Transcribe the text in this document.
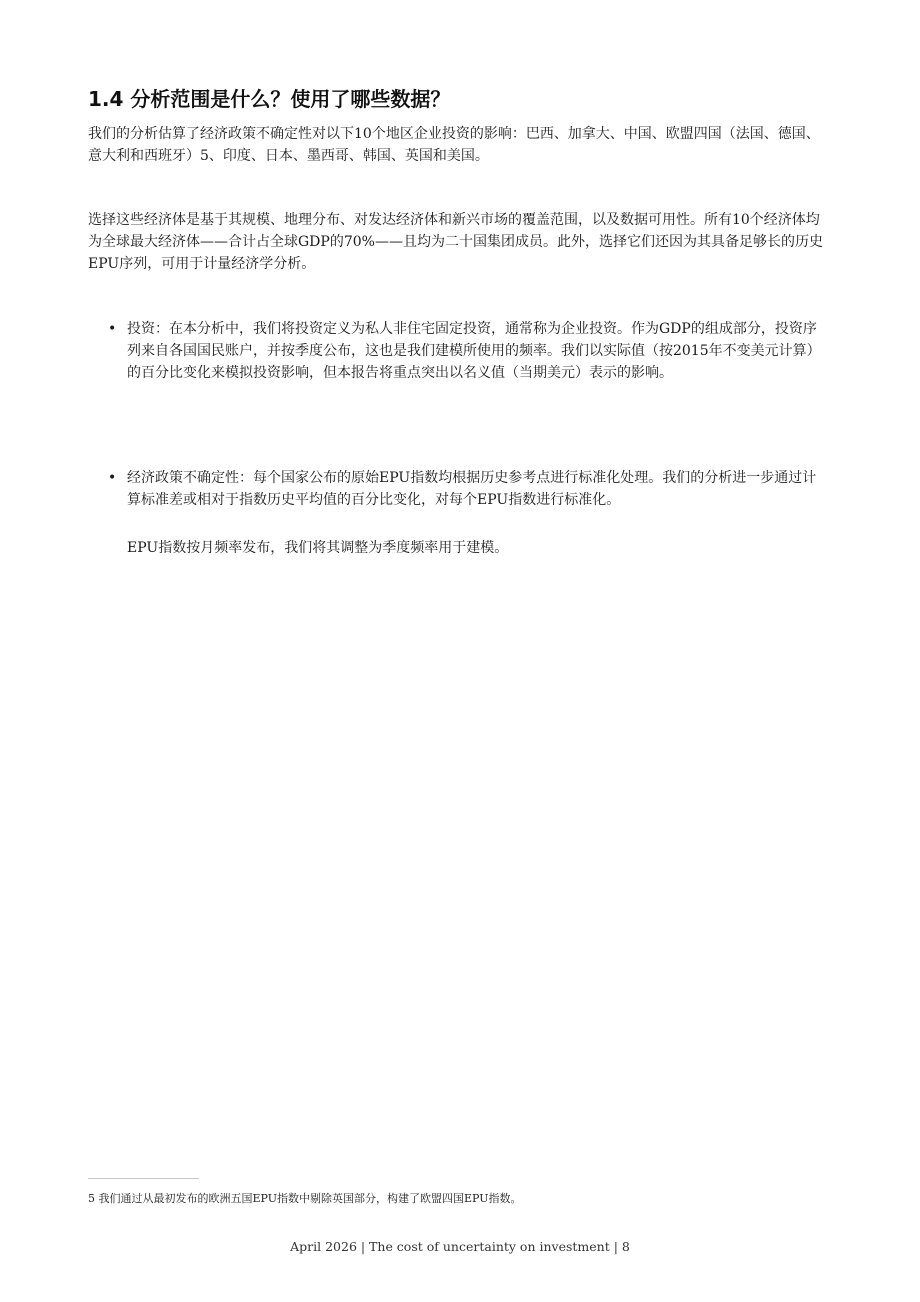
1.4 分析范围是什么？使用了哪些数据？

我们的分析估算了经济政策不确定性对以下10个地区企业投资的影响：巴西、加拿大、中国、欧盟四国（法国、德国、意大利和西班牙）5、印度、日本、墨西哥、韩国、英国和美国。

选择这些经济体是基于其规模、地理分布、对发达经济体和新兴市场的覆盖范围，以及数据可用性。所有10个经济体均为全球最大经济体——合计占全球GDP的70%——且均为二十国集团成员。此外，选择它们还因为其具备足够长的历史EPU序列，可用于计量经济学分析。

• 投资：在本分析中，我们将投资定义为私人非住宅固定投资，通常称为企业投资。作为GDP的组成部分，投资序列来自各国国民账户，并按季度公布，这也是我们建模所使用的频率。我们以实际值（按2015年不变美元计算）的百分比变化来模拟投资影响，但本报告将重点突出以名义值（当期美元）表示的影响。
• 经济政策不确定性：每个国家公布的原始EPU指数均根据历史参考点进行标准化处理。我们的分析进一步通过计算标准差或相对于指数历史平均值的百分比变化，对每个EPU指数进行标准化。

EPU指数按月频率发布，我们将其调整为季度频率用于建模。

5 我们通过从最初发布的欧洲五国EPU指数中剔除英国部分，构建了欧盟四国EPU指数。

April 2026 | The cost of uncertainty on investment | 8
